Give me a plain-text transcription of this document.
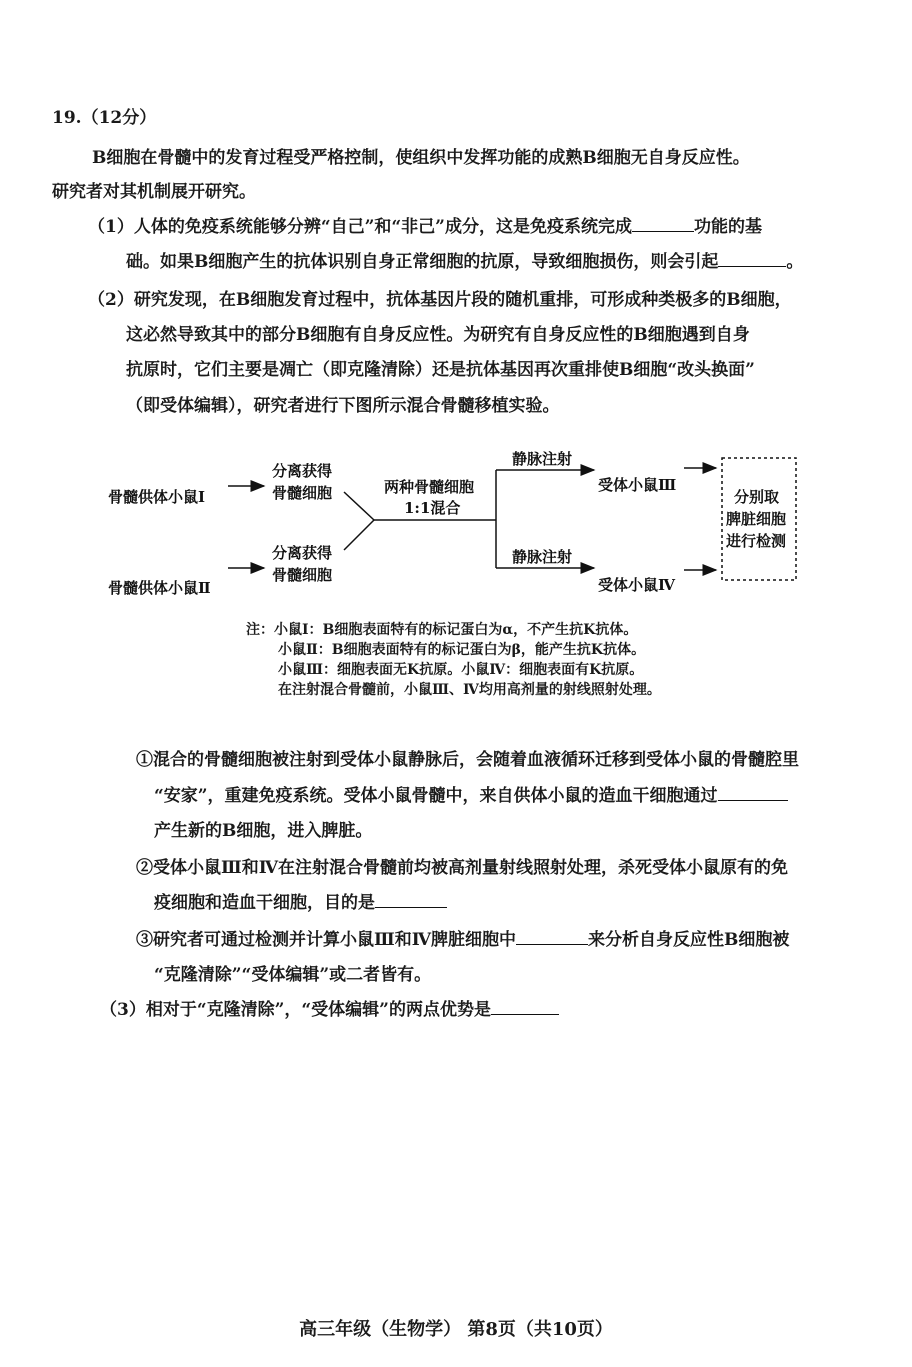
19.（12分）
B细胞在骨髓中的发育过程受严格控制，使组织中发挥功能的成熟B细胞无自身反应性。
研究者对其机制展开研究。
（1）人体的免疫系统能够分辨“自己”和“非己”成分，这是免疫系统完成	功能的基
础。如果B细胞产生的抗体识别自身正常细胞的抗原，导致细胞损伤，则会引起	。
（2）研究发现，在B细胞发育过程中，抗体基因片段的随机重排，可形成种类极多的B细胞，
这必然导致其中的部分B细胞有自身反应性。为研究有自身反应性的B细胞遇到自身
抗原时，它们主要是凋亡（即克隆清除）还是抗体基因再次重排使B细胞“改头换面”
（即受体编辑），研究者进行下图所示混合骨髓移植实验。
骨髓供体小鼠Ⅰ
骨髓供体小鼠Ⅱ
分离获得
骨髓细胞
分离获得
骨髓细胞
两种骨髓细胞
1:1混合
静脉注射
静脉注射
受体小鼠Ⅲ
受体小鼠Ⅳ
分别取
脾脏细胞
进行检测
注：小鼠Ⅰ：B细胞表面特有的标记蛋白为α，不产生抗K抗体。
小鼠Ⅱ：B细胞表面特有的标记蛋白为β，能产生抗K抗体。
小鼠Ⅲ：细胞表面无K抗原。小鼠Ⅳ：细胞表面有K抗原。
在注射混合骨髓前，小鼠Ⅲ、Ⅳ均用高剂量的射线照射处理。
①混合的骨髓细胞被注射到受体小鼠静脉后，会随着血液循环迁移到受体小鼠的骨髓腔里
“安家”，重建免疫系统。受体小鼠骨髓中，来自供体小鼠的造血干细胞通过
产生新的B细胞，进入脾脏。
②受体小鼠Ⅲ和Ⅳ在注射混合骨髓前均被高剂量射线照射处理，杀死受体小鼠原有的免
疫细胞和造血干细胞，目的是
③研究者可通过检测并计算小鼠Ⅲ和Ⅳ脾脏细胞中	来分析自身反应性B细胞被
“克隆清除”“受体编辑”或二者皆有。
（3）相对于“克隆清除”，“受体编辑”的两点优势是
高三年级（生物学） 第8页（共10页）
